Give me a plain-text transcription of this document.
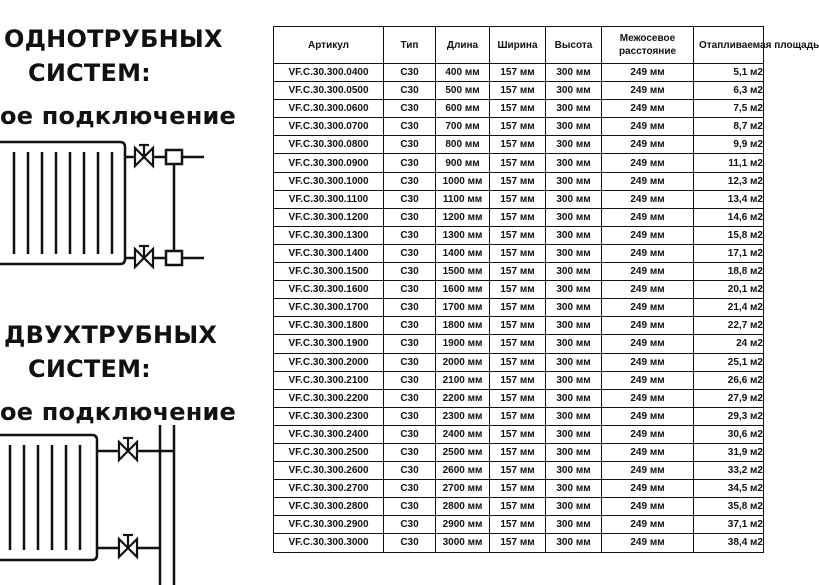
ОДНОТРУБНЫХ
СИСТЕМ:
ое подключение
ДВУХТРУБНЫХ
СИСТЕМ:
ое подключение
Артикул	Тип	Длина	Ширина	Высота	Межосевое расстояние	Отапливаемая площадь
VF.C.30.300.0400	C30	400 мм	157 мм	300 мм	249 мм	5,1 м2
VF.C.30.300.0500	C30	500 мм	157 мм	300 мм	249 мм	6,3 м2
VF.C.30.300.0600	C30	600 мм	157 мм	300 мм	249 мм	7,5 м2
VF.C.30.300.0700	C30	700 мм	157 мм	300 мм	249 мм	8,7 м2
VF.C.30.300.0800	C30	800 мм	157 мм	300 мм	249 мм	9,9 м2
VF.C.30.300.0900	C30	900 мм	157 мм	300 мм	249 мм	11,1 м2
VF.C.30.300.1000	C30	1000 мм	157 мм	300 мм	249 мм	12,3 м2
VF.C.30.300.1100	C30	1100 мм	157 мм	300 мм	249 мм	13,4 м2
VF.C.30.300.1200	C30	1200 мм	157 мм	300 мм	249 мм	14,6 м2
VF.C.30.300.1300	C30	1300 мм	157 мм	300 мм	249 мм	15,8 м2
VF.C.30.300.1400	C30	1400 мм	157 мм	300 мм	249 мм	17,1 м2
VF.C.30.300.1500	C30	1500 мм	157 мм	300 мм	249 мм	18,8 м2
VF.C.30.300.1600	C30	1600 мм	157 мм	300 мм	249 мм	20,1 м2
VF.C.30.300.1700	C30	1700 мм	157 мм	300 мм	249 мм	21,4 м2
VF.C.30.300.1800	C30	1800 мм	157 мм	300 мм	249 мм	22,7 м2
VF.C.30.300.1900	C30	1900 мм	157 мм	300 мм	249 мм	24 м2
VF.C.30.300.2000	C30	2000 мм	157 мм	300 мм	249 мм	25,1 м2
VF.C.30.300.2100	C30	2100 мм	157 мм	300 мм	249 мм	26,6 м2
VF.C.30.300.2200	C30	2200 мм	157 мм	300 мм	249 мм	27,9 м2
VF.C.30.300.2300	C30	2300 мм	157 мм	300 мм	249 мм	29,3 м2
VF.C.30.300.2400	C30	2400 мм	157 мм	300 мм	249 мм	30,6 м2
VF.C.30.300.2500	C30	2500 мм	157 мм	300 мм	249 мм	31,9 м2
VF.C.30.300.2600	C30	2600 мм	157 мм	300 мм	249 мм	33,2 м2
VF.C.30.300.2700	C30	2700 мм	157 мм	300 мм	249 мм	34,5 м2
VF.C.30.300.2800	C30	2800 мм	157 мм	300 мм	249 мм	35,8 м2
VF.C.30.300.2900	C30	2900 мм	157 мм	300 мм	249 мм	37,1 м2
VF.C.30.300.3000	C30	3000 мм	157 мм	300 мм	249 мм	38,4 м2
